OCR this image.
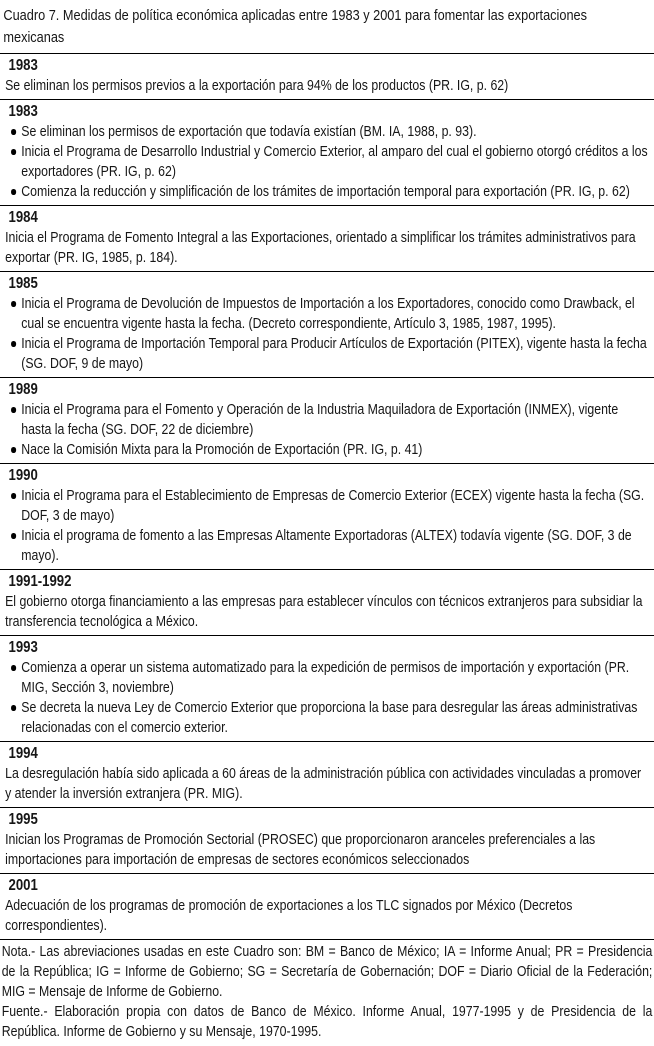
Cuadro 7. Medidas de política económica aplicadas entre 1983 y 2001 para fomentar las exportaciones mexicanas

1983

Se eliminan los permisos previos a la exportación para 94% de los productos (PR. IG, p. 62)

1983
Se eliminan los permisos de exportación que todavía existían (BM. IA, 1988, p. 93).
Inicia el Programa de Desarrollo Industrial y Comercio Exterior, al amparo del cual el gobierno otorgó créditos a los exportadores (PR. IG, p. 62)
Comienza la reducción y simplificación de los trámites de importación temporal para exportación (PR. IG, p. 62)
1984

Inicia el Programa de Fomento Integral a las Exportaciones, orientado a simplificar los trámites administrativos para exportar (PR. IG, 1985, p. 184).

1985
Inicia el Programa de Devolución de Impuestos de Importación a los Exportadores, conocido como Drawback, el cual se encuentra vigente hasta la fecha. (Decreto correspondiente, Artículo 3, 1985, 1987, 1995).
Inicia el Programa de Importación Temporal para Producir Artículos de Exportación (PITEX), vigente hasta la fecha (SG. DOF, 9 de mayo)
1989
Inicia el Programa para el Fomento y Operación de la Industria Maquiladora de Exportación (INMEX), vigente hasta la fecha (SG. DOF, 22 de diciembre)
Nace la Comisión Mixta para la Promoción de Exportación (PR. IG, p. 41)
1990
Inicia el Programa para el Establecimiento de Empresas de Comercio Exterior (ECEX) vigente hasta la fecha (SG. DOF, 3 de mayo)
Inicia el programa de fomento a las Empresas Altamente Exportadoras (ALTEX) todavía vigente (SG. DOF, 3 de mayo).
1991-1992

El gobierno otorga financiamiento a las empresas para establecer vínculos con técnicos extranjeros para subsidiar la transferencia tecnológica a México.

1993
Comienza a operar un sistema automatizado para la expedición de permisos de importación y exportación (PR. MIG, Sección 3, noviembre)
Se decreta la nueva Ley de Comercio Exterior que proporciona la base para desregular las áreas administrativas relacionadas con el comercio exterior.
1994

La desregulación había sido aplicada a 60 áreas de la administración pública con actividades vinculadas a promover y atender la inversión extranjera (PR. MIG).

1995

Inician los Programas de Promoción Sectorial (PROSEC) que proporcionaron aranceles preferenciales a las importaciones para importación de empresas de sectores económicos seleccionados

2001

Adecuación de los programas de promoción de exportaciones a los TLC signados por México (Decretos correspondientes).

Nota.- Las abreviaciones usadas en este Cuadro son: BM = Banco de México; IA = Informe Anual; PR = Presidencia de la República; IG = Informe de Gobierno; SG = Secretaría de Gobernación; DOF = Diario Oficial de la Federación; MIG = Mensaje de Informe de Gobierno.

Fuente.- Elaboración propia con datos de Banco de México. Informe Anual, 1977-1995 y de Presidencia de la República. Informe de Gobierno y su Mensaje, 1970-1995.
